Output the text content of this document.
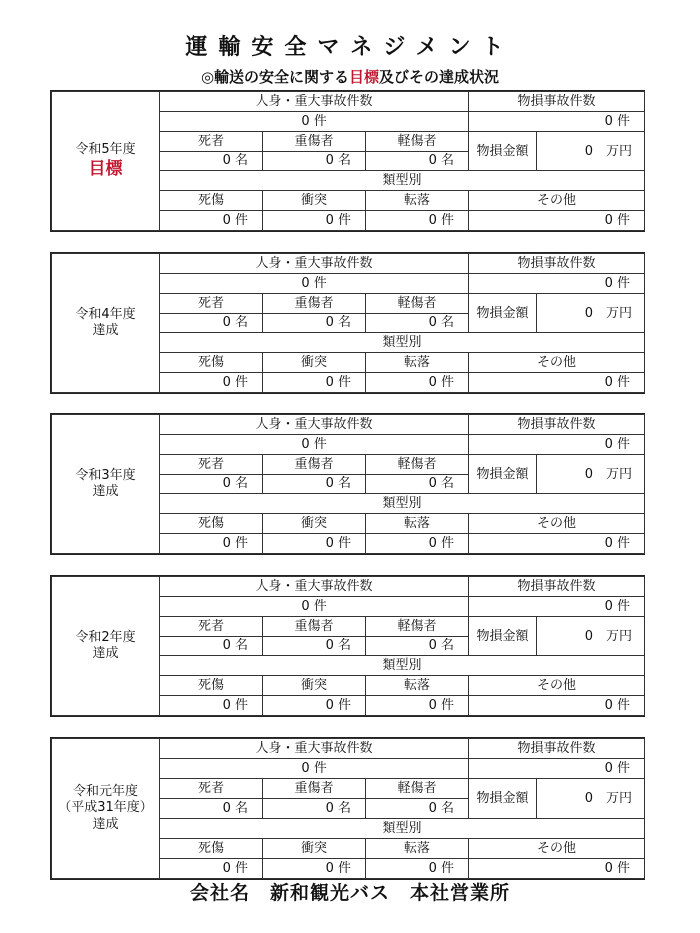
運輸安全マネジメント
◎輸送の安全に関する目標及びその達成状況
令和5年度

目標	人身・重大事故件数			物損事故件数	
	0 件			0 件	
	死者	重傷者	軽傷者	物損金額	0　万円
	0 名	0 名	0 名		
	類型別				
	死傷	衝突	転落	その他	
	0 件	0 件	0 件	0 件	
令和4年度

達成	人身・重大事故件数			物損事故件数	
	0 件			0 件	
	死者	重傷者	軽傷者	物損金額	0　万円
	0 名	0 名	0 名		
	類型別				
	死傷	衝突	転落	その他	
	0 件	0 件	0 件	0 件	
令和3年度

達成	人身・重大事故件数			物損事故件数	
	0 件			0 件	
	死者	重傷者	軽傷者	物損金額	0　万円
	0 名	0 名	0 名		
	類型別				
	死傷	衝突	転落	その他	
	0 件	0 件	0 件	0 件	
令和2年度

達成	人身・重大事故件数			物損事故件数	
	0 件			0 件	
	死者	重傷者	軽傷者	物損金額	0　万円
	0 名	0 名	0 名		
	類型別				
	死傷	衝突	転落	その他	
	0 件	0 件	0 件	0 件	
令和元年度

（平成31年度）
達成	人身・重大事故件数			物損事故件数	
	0 件			0 件	
	死者	重傷者	軽傷者	物損金額	0　万円
	0 名	0 名	0 名		
	類型別				
	死傷	衝突	転落	その他	
	0 件	0 件	0 件	0 件	
会社名　新和観光バス　本社営業所
